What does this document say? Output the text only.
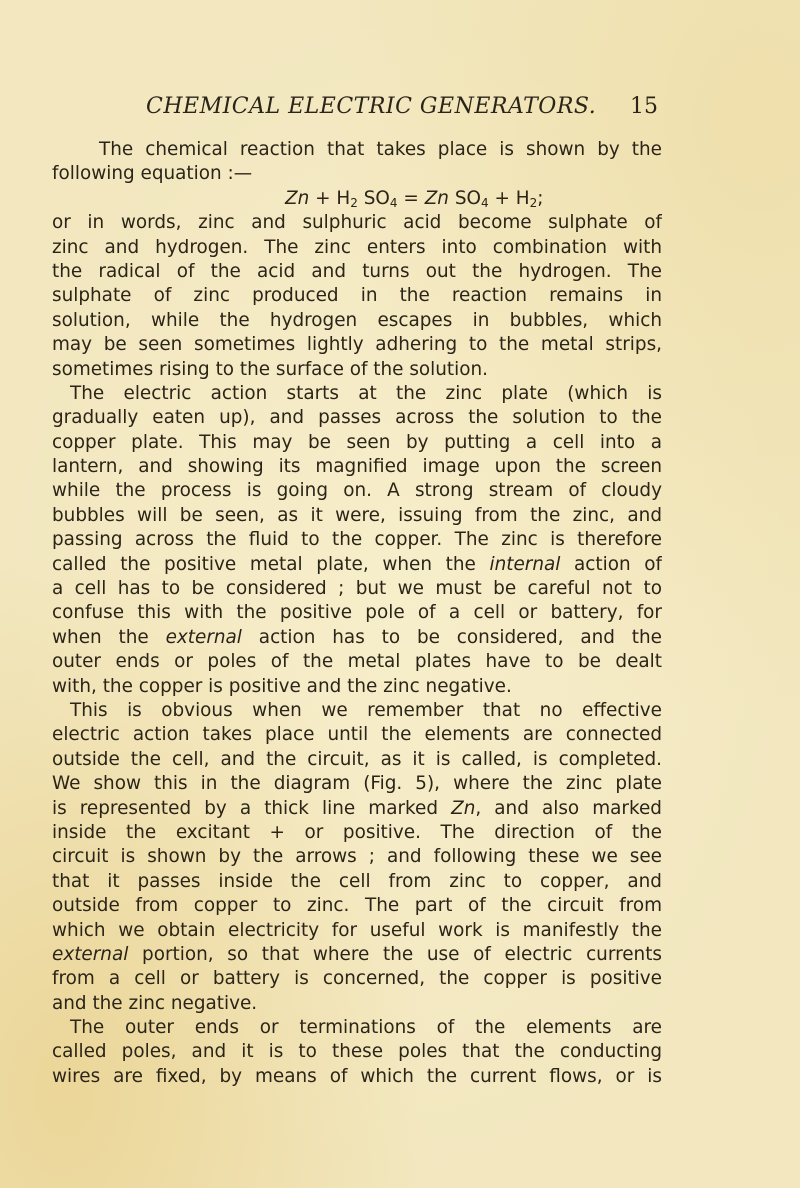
CHEMICAL ELECTRIC GENERATORS. 15
The chemical reaction that takes place is shown by the
following equation :—
$Zn + H_2$ $SO_4 = Zn$ $SO_4 + H_2$;
or in words, zinc and sulphuric acid become sulphate of
zinc and hydrogen. The zinc enters into combination with
the radical of the acid and turns out the hydrogen. The
sulphate of zinc produced in the reaction remains in
solution, while the hydrogen escapes in bubbles, which
may be seen sometimes lightly adhering to the metal strips,
sometimes rising to the surface of the solution.
The electric action starts at the zinc plate (which is
gradually eaten up), and passes across the solution to the
copper plate. This may be seen by putting a cell into a
lantern, and showing its magnified image upon the screen
while the process is going on. A strong stream of cloudy
bubbles will be seen, as it were, issuing from the zinc, and
passing across the fluid to the copper. The zinc is therefore
called the positive metal plate, when the internal action of
a cell has to be considered ; but we must be careful not to
confuse this with the positive pole of a cell or battery, for
when the external action has to be considered, and the
outer ends or poles of the metal plates have to be dealt
with, the copper is positive and the zinc negative.
This is obvious when we remember that no effective
electric action takes place until the elements are connected
outside the cell, and the circuit, as it is called, is completed.
We show this in the diagram (Fig. 5), where the zinc plate
is represented by a thick line marked Zn, and also marked
inside the excitant + or positive. The direction of the
circuit is shown by the arrows ; and following these we see
that it passes inside the cell from zinc to copper, and
outside from copper to zinc. The part of the circuit from
which we obtain electricity for useful work is manifestly the
external portion, so that where the use of electric currents
from a cell or battery is concerned, the copper is positive
and the zinc negative.
The outer ends or terminations of the elements are
called poles, and it is to these poles that the conducting
wires are fixed, by means of which the current flows, or is
